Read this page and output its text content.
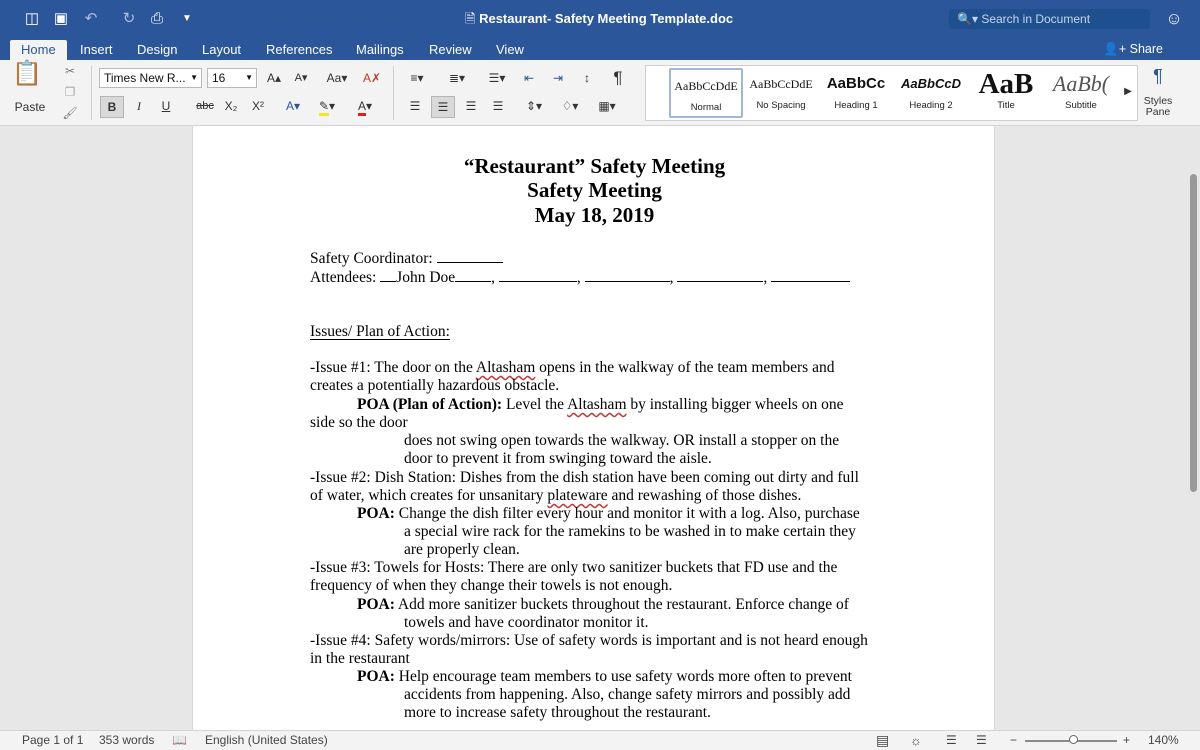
◫ ▣	↶	↻	⎙	▼	🗎 Restaurant- Safety Meeting Template.doc	🔍▾ Search in Document	☺
Home	Insert Design Layout References Mailings Review View	👤+ Share
📋
Paste
✂
❐
🖌
Times New R... ▼	16 ▼	A▴	A▾	Aa▾	A✗
B	I	U	abc X₂	X²	A▾	✎▾	A▾
≡▾	≣▾	☰▾	⇤	⇥	↕	¶
☰	☰	☰	☰	⇕▾	♢▾	▦▾
AaBbCcDdE
Normal
AaBbCcDdE
No Spacing
AaBbCc
Heading 1
AaBbCcD
Heading 2
AaB
Title
AaBb(
Subtitle
▶
¶
Styles Pane
“Restaurant” Safety Meeting
Safety Meeting
May 18, 2019
Safety Coordinator:
Attendees: John Doe ,	,	,	,
Issues/ Plan of Action:
-Issue #1: The door on the Altasham opens in the walkway of the team members and
creates a potentially hazardous obstacle.
POA (Plan of Action): Level the Altasham by installing bigger wheels on one
side so the door
does not swing open towards the walkway. OR install a stopper on the
door to prevent it from swinging toward the aisle.
-Issue #2: Dish Station: Dishes from the dish station have been coming out dirty and full
of water, which creates for unsanitary plateware and rewashing of those dishes.
POA: Change the dish filter every hour and monitor it with a log. Also, purchase
a special wire rack for the ramekins to be washed in to make certain they
are properly clean.
-Issue #3: Towels for Hosts: There are only two sanitizer buckets that FD use and the
frequency of when they change their towels is not enough.
POA: Add more sanitizer buckets throughout the restaurant. Enforce change of
towels and have coordinator monitor it.
-Issue #4: Safety words/mirrors: Use of safety words is important and is not heard enough
in the restaurant
POA: Help encourage team members to use safety words more often to prevent
accidents from happening. Also, change safety mirrors and possibly add
more to increase safety throughout the restaurant.
Page 1 of 1 353 words 📖 English (United States)	▤ ☼ ☰ ☰ −	+ 140%
